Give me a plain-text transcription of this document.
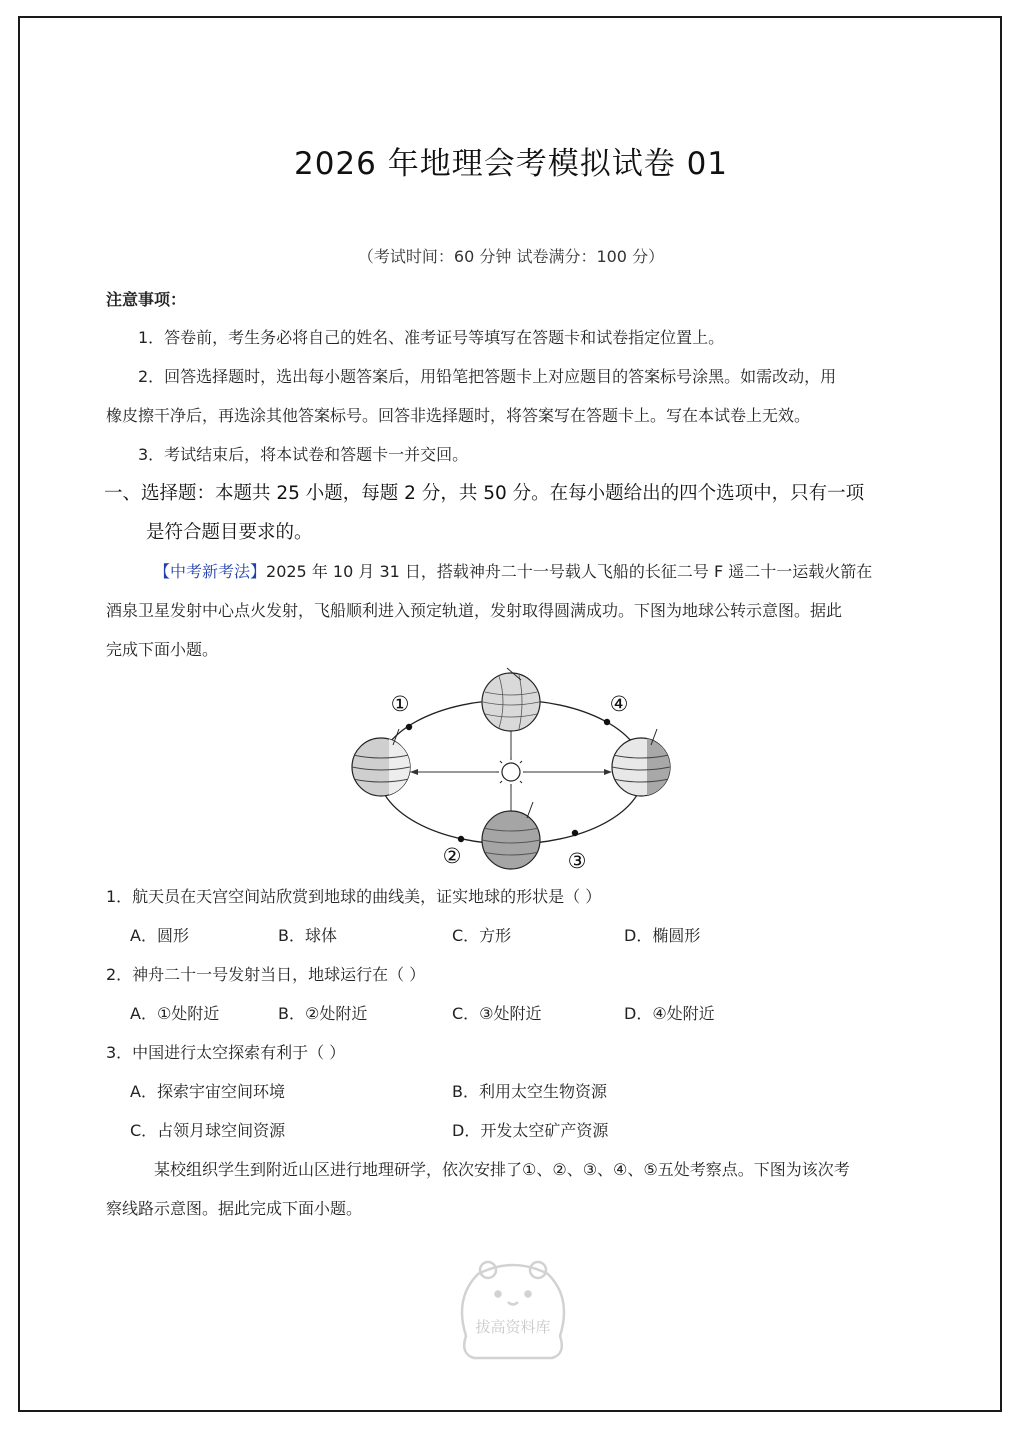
2026 年地理会考模拟试卷 01
（考试时间：60 分钟 试卷满分：100 分）
注意事项：
1．答卷前，考生务必将自己的姓名、准考证号等填写在答题卡和试卷指定位置上。
2．回答选择题时，选出每小题答案后，用铅笔把答题卡上对应题目的答案标号涂黑。如需改动，用
橡皮擦干净后，再选涂其他答案标号。回答非选择题时，将答案写在答题卡上。写在本试卷上无效。
3．考试结束后，将本试卷和答题卡一并交回。
一、选择题：本题共 25 小题，每题 2 分，共 50 分。在每小题给出的四个选项中，只有一项
是符合题目要求的。
【中考新考法】2025 年 10 月 31 日，搭载神舟二十一号载人飞船的长征二号 F 遥二十一运载火箭在
酒泉卫星发射中心点火发射，飞船顺利进入预定轨道，发射取得圆满成功。下图为地球公转示意图。据此
完成下面小题。
①
②	③
④
1．航天员在天宫空间站欣赏到地球的曲线美，证实地球的形状是（ ）
A．圆形	B．球体	C．方形	D．椭圆形
2．神舟二十一号发射当日，地球运行在（ ）
A．①处附近	B．②处附近	C．③处附近	D．④处附近
3．中国进行太空探索有利于（ ）
A．探索宇宙空间环境	B．利用太空生物资源
C．占领月球空间资源	D．开发太空矿产资源
某校组织学生到附近山区进行地理研学，依次安排了①、②、③、④、⑤五处考察点。下图为该次考
察线路示意图。据此完成下面小题。
拔高资料库
